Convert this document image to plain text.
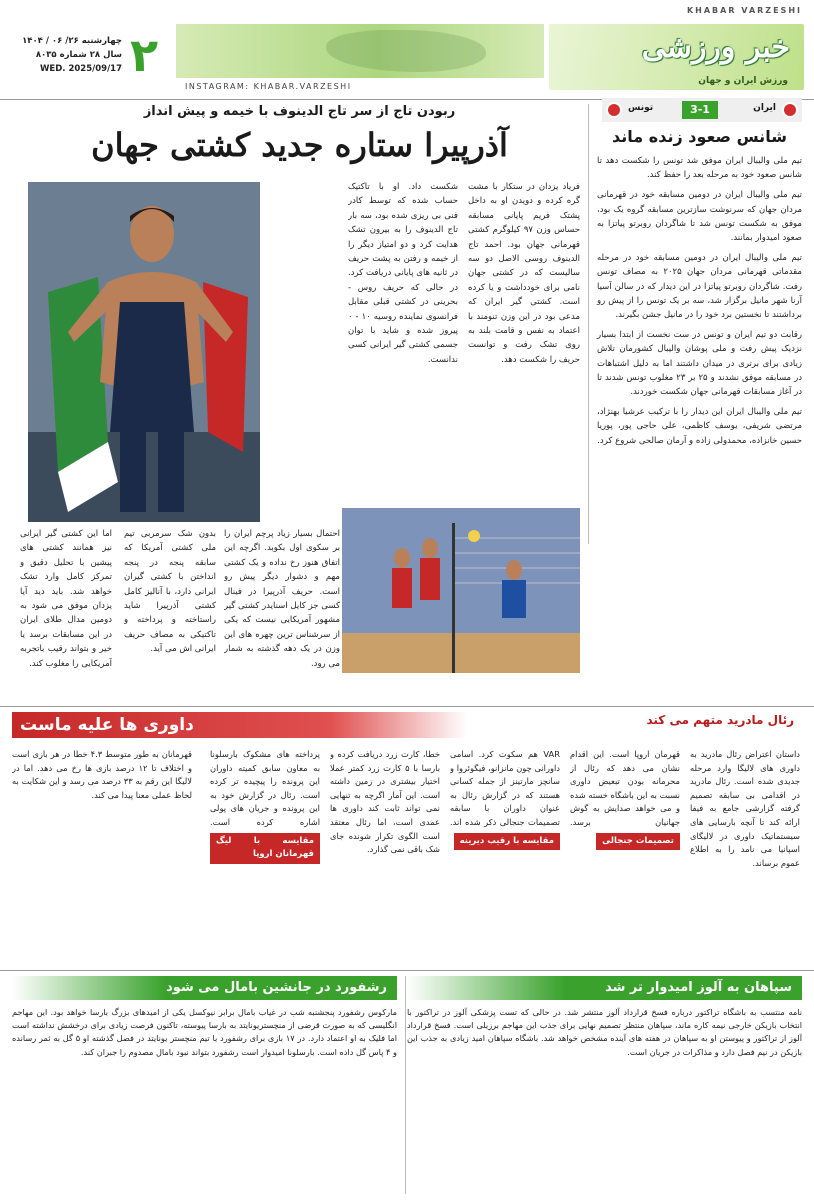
KHABAR VARZESHI
خبر ورزشی
ورزش ایران و جهان
INSTAGRAM: KHABAR.VARZESHI
۲
چهارشنبه ۲۶/ ۰۶ / ۱۴۰۴
سال ۲۸ شماره ۸۰۳۵
WED. 2025/09/17
ایران
3-1
تونس
شانس صعود زنده ماند

تیم ملی والیبال ایران موفق شد تونس را شکست دهد تا شانس صعود خود به مرحله بعد را حفظ کند.

تیم ملی والیبال ایران در دومین مسابقه خود در قهرمانی مردان جهان که سرنوشت سازترین مسابقه گروه یک بود، موفق به شکست تونس شد تا شاگردان روبرتو پیاتزا به صعود امیدوار بمانند.

تیم ملی والیبال ایران در دومین مسابقه خود در مرحله مقدماتی قهرمانی مردان جهان ۲۰۲۵ به مصاف تونس رفت. شاگردان روبرتو پیاتزا در این دیدار که در سالن آسیا آرنا شهر مانیل برگزار شد، سه بر یک تونس را از پیش رو برداشتند تا نخستین برد خود را در مانیل جشن بگیرند.

رقابت دو تیم ایران و تونس در ست نخست از ابتدا بسیار نزدیک پیش رفت و ملی پوشان والیبال کشورمان تلاش زیادی برای برتری در میدان داشتند اما به دلیل اشتباهات در مسابقه موفق نشدند و ۲۵ بر ۲۳ مغلوب تونس شدند تا در آغاز مسابقات قهرمانی جهان شکست خوردند.

تیم ملی والیبال ایران این دیدار را با ترکیب عرشیا بهنژاد، مرتضی شریفی، یوسف کاظمی، علی حاجی پور، پوریا حسین خانزاده، محمدولی زاده و آرمان صالحی شروع کرد.

ربودن تاج از سر تاج الدینوف با خیمه و پیش انداز
آذرپیرا ستاره جدید کشتی جهان
فریاد یزدان در ستکار با مشت گره کرده و دویدن او به داخل پشتک فریم پایانی مسابقه حساس وزن ۹۷ کیلوگرم کشتی قهرمانی جهان بود. احمد تاج الدینوف روسی الاصل دو سه سالیست که در کشتی جهان نامی برای خودداشت و یا کرده است. کشتی گیر ایران که مدعی بود در این وزن تنومند با اعتماد به نفس و قامت بلند به روی تشک رفت و توانست حریف را شکست دهد.
شکست داد. او با تاکتیک حساب شده که توسط کادر فنی بی ریزی شده بود، سه بار تاج الدینوف را به بیرون تشک هدایت کرد و دو امتیاز دیگر را از خیمه و رفتن به پشت حریف در ثانیه های پایانی دریافت کرد. در حالی که حریف روس - بحرینی در کشتی قبلی مقابل فرانسوی نماینده روسیه ۱۰ - ۰ پیروز شده و شاید با توان جسمی کشتی گیر ایرانی کسی ندانست.
احتمال بسیار زیاد پرچم ایران را بر سکوی اول بکوبد. اگرچه این اتفاق هنوز رخ نداده و یک کشتی مهم و دشوار دیگر پیش رو است. حریف آذرپیرا در فینال کسی جز کایل اسنایدر کشتی گیر مشهور آمریکایی نیست که یکی از سرشناس ترین چهره های این وزن در یک دهه گذشته به شمار می رود.
بدون شک سرمربی تیم ملی کشتی آمریکا که سابقه پنجه در پنجه انداختن با کشتی گیران ایرانی دارد، با آنالیز کامل کشتی آذرپیرا شاید راستاخته و پرداخته و تاکتیکی به مصاف حریف ایرانی اش می آید.
اما این کشتی گیر ایرانی نیز همانند کشتی های پیشین با تحلیل دقیق و تمرکز کامل وارد تشک خواهد شد. باید دید آیا یزدان موفق می شود به دومین مدال طلای ایران در این مسابقات برسد یا خیر و بتواند رقیب باتجربه آمریکایی را مغلوب کند.
داوری ها علیه ماست	رئال مادرید متهم می کند
داستان اعتراض رئال مادرید به داوری های لالیگا وارد مرحله جدیدی شده است. رئال مادرید در اقدامی بی سابقه تصمیم گرفته گزارشی جامع به فیفا ارائه کند تا آنچه بارسایی های سیستماتیک داوری در لالیگای اسپانیا می نامد را به اطلاع عموم برساند.
قهرمان اروپا است. این اقدام نشان می دهد که رئال از محرمانه بودن تبعیض داوری نسبت به این باشگاه خسته شده و می خواهد صدایش به گوش جهانیان برسد. تصمیمات جنجالی
VAR هم سکوت کرد. اسامی داورانی چون مانزانو، فیگوئروا و سانچز مارتینز از جمله کسانی هستند که در گزارش رئال به عنوان داوران با سابقه تصمیمات جنجالی ذکر شده اند. مقایسه با رقیب دیرینه
خطا، کارت زرد دریافت کرده و بارسا با ۵ کارت زرد کمتر عملا اختیار بیشتری در زمین داشته است. این آمار اگرچه به تنهایی نمی تواند ثابت کند داوری ها عمدی است، اما رئال معتقد است الگوی تکرار شونده جای شک باقی نمی گذارد.
پرداخته های مشکوک بارسلونا به معاون سابق کمیته داوران این پرونده را پیچیده تر کرده است. رئال در گزارش خود به این پرونده و جریان های پولی اشاره کرده است. مقایسه با لیگ قهرمانان اروپا
قهرمانان به طور متوسط ۴.۳ خطا در هر بازی است و اختلاف تا ۱۲ درصد بازی ها رخ می دهد. اما در لالیگا این رقم به ۳۳ درصد می رسد و این شکایت به لحاظ عملی معنا پیدا می کند.
سپاهان به آلوز امیدوار تر شد
نامه منتسب به باشگاه تراکتور درباره فسخ قرارداد آلوز منتشر شد. در حالی که تست پزشکی آلوز در تراکتور با انتخاب بازیکن خارجی نیمه کاره ماند، سپاهان منتظر تصمیم نهایی برای جذب این مهاجم برزیلی است. فسخ قرارداد آلوز از تراکتور و پیوستن او به سپاهان در هفته های آینده مشخص خواهد شد. باشگاه سپاهان امید زیادی به جذب این بازیکن در نیم فصل دارد و مذاکرات در جریان است.
رشفورد در جانشین بامال می شود
مارکوس رشفورد پنجشنبه شب در غیاب بامال برابر نیوکسل یکی از امیدهای بزرگ بارسا خواهد بود. این مهاجم انگلیسی که به صورت قرضی از منچستریونایتد به بارسا پیوسته، تاکنون فرصت زیادی برای درخشش نداشته است اما فلیک به او اعتماد دارد. در ۱۷ بازی برای رشفورد با تیم منچستر یونایتد در فصل گذشته او ۵ گل به ثمر رسانده و ۴ پاس گل داده است. بارسلونا امیدوار است رشفورد بتواند نبود بامال مصدوم را جبران کند.
